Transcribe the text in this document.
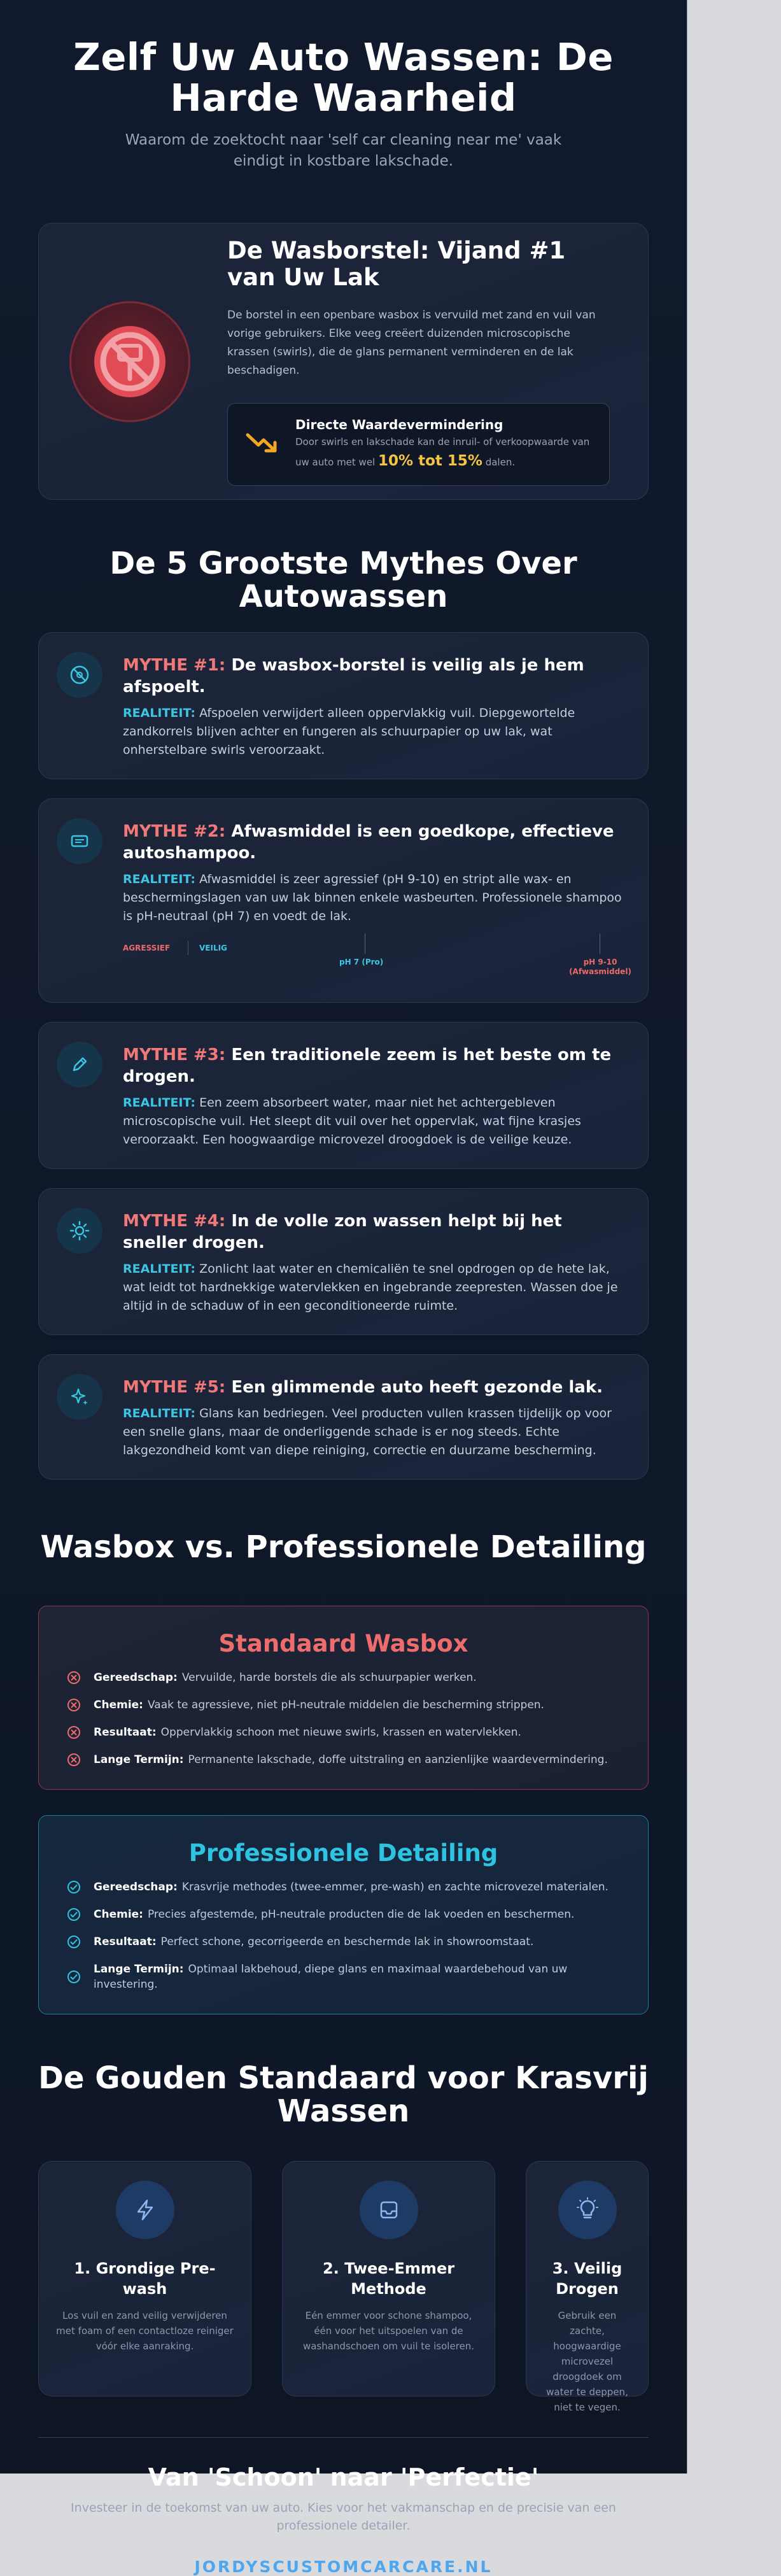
Zelf Uw Auto Wassen: De Harde Waarheid

Waarom de zoektocht naar 'self car cleaning near me' vaak eindigt in kostbare lakschade.

De Wasborstel: Vijand #1 van Uw Lak

De borstel in een openbare wasbox is vervuild met zand en vuil van vorige gebruikers. Elke veeg creëert duizenden microscopische krassen (swirls), die de glans permanent verminderen en de lak beschadigen.

Directe Waardevermindering
Door swirls en lakschade kan de inruil- of verkoopwaarde van uw auto met wel 10% tot 15% dalen.
De 5 Grootste Mythes Over Autowassen
MYTHE #1: De wasbox-borstel is veilig als je hem afspoelt.
REALITEIT: Afspoelen verwijdert alleen oppervlakkig vuil. Diepgewortelde zandkorrels blijven achter en fungeren als schuurpapier op uw lak, wat onherstelbare swirls veroorzaakt.
MYTHE #2: Afwasmiddel is een goedkope, effectieve autoshampoo.
REALITEIT: Afwasmiddel is zeer agressief (pH 9-10) en stript alle wax- en beschermingslagen van uw lak binnen enkele wasbeurten. Professionele shampoo is pH-neutraal (pH 7) en voedt de lak.
AGRESSIEF	VEILIG
pH 7 (Pro)	pH 9-10 (Afwasmiddel)
MYTHE #3: Een traditionele zeem is het beste om te drogen.
REALITEIT: Een zeem absorbeert water, maar niet het achtergebleven microscopische vuil. Het sleept dit vuil over het oppervlak, wat fijne krasjes veroorzaakt. Een hoogwaardige microvezel droogdoek is de veilige keuze.
MYTHE #4: In de volle zon wassen helpt bij het sneller drogen.
REALITEIT: Zonlicht laat water en chemicaliën te snel opdrogen op de hete lak, wat leidt tot hardnekkige watervlekken en ingebrande zeepresten. Wassen doe je altijd in de schaduw of in een geconditioneerde ruimte.
MYTHE #5: Een glimmende auto heeft gezonde lak.
REALITEIT: Glans kan bedriegen. Veel producten vullen krassen tijdelijk op voor een snelle glans, maar de onderliggende schade is er nog steeds. Echte lakgezondheid komt van diepe reiniging, correctie en duurzame bescherming.
Wasbox vs. Professionele Detailing
Standaard Wasbox
Gereedschap: Vervuilde, harde borstels die als schuurpapier werken.
Chemie: Vaak te agressieve, niet pH-neutrale middelen die bescherming strippen.
Resultaat: Oppervlakkig schoon met nieuwe swirls, krassen en watervlekken.
Lange Termijn: Permanente lakschade, doffe uitstraling en aanzienlijke waardevermindering.
Professionele Detailing
Gereedschap: Krasvrije methodes (twee-emmer, pre-wash) en zachte microvezel materialen.
Chemie: Precies afgestemde, pH-neutrale producten die de lak voeden en beschermen.
Resultaat: Perfect schone, gecorrigeerde en beschermde lak in showroomstaat.
Lange Termijn: Optimaal lakbehoud, diepe glans en maximaal waardebehoud van uw investering.
De Gouden Standaard voor Krasvrij Wassen
1. Grondige Pre-wash

Los vuil en zand veilig verwijderen met foam of een contactloze reiniger vóór elke aanraking.

2. Twee-Emmer Methode

Eén emmer voor schone shampoo, één voor het uitspoelen van de washandschoen om vuil te isoleren.

3. Veilig Drogen

Gebruik een zachte, hoogwaardige microvezel droogdoek om water te deppen, niet te vegen.

Van 'Schoon' naar 'Perfectie'

Investeer in de toekomst van uw auto. Kies voor het vakmanschap en de precisie van een professionele detailer.

JORDYSCUSTOMCARCARE.NL
